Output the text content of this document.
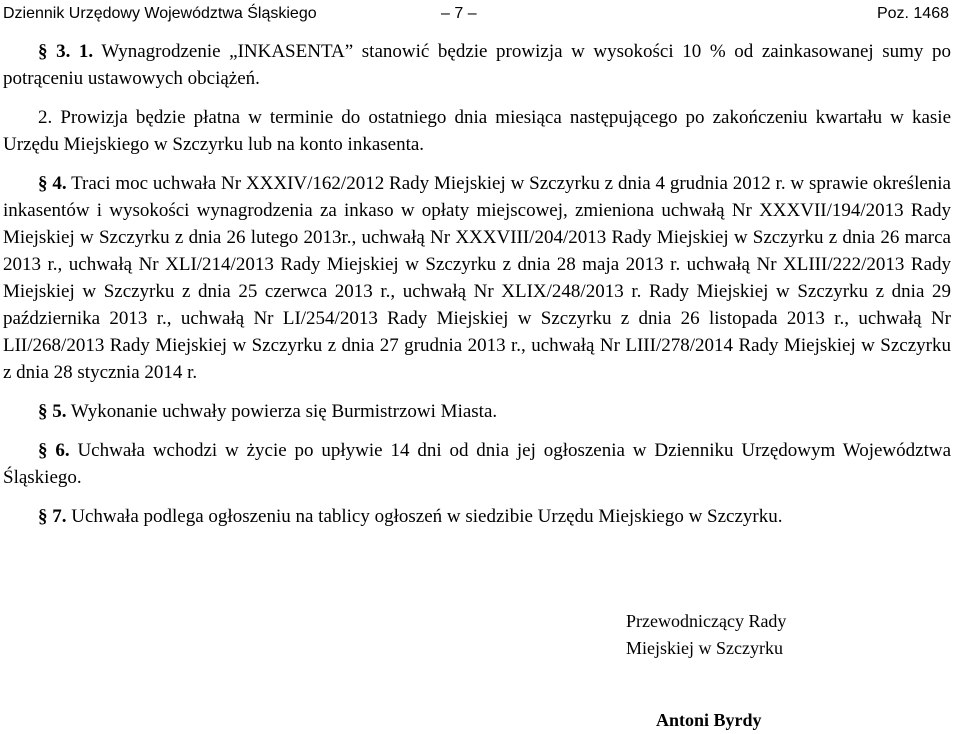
Dziennik Urzędowy Województwa Śląskiego	– 7 –	Poz. 1468

§ 3. 1. Wynagrodzenie „INKASENTA” stanowić będzie prowizja w wysokości 10 % od zainkasowanej sumy po potrąceniu ustawowych obciążeń.

2. Prowizja będzie płatna w terminie do ostatniego dnia miesiąca następującego po zakończeniu kwartału w kasie Urzędu Miejskiego w Szczyrku lub na konto inkasenta.

§ 4. Traci moc uchwała Nr XXXIV/162/2012 Rady Miejskiej w Szczyrku z dnia 4 grudnia 2012 r. w sprawie określenia inkasentów i wysokości wynagrodzenia za inkaso w opłaty miejscowej, zmieniona uchwałą Nr XXXVII/194/2013 Rady Miejskiej w Szczyrku z dnia 26 lutego 2013r., uchwałą Nr XXXVIII/204/2013 Rady Miejskiej w Szczyrku z dnia 26 marca 2013 r., uchwałą Nr XLI/214/2013 Rady Miejskiej w Szczyrku z dnia 28 maja 2013 r. uchwałą Nr XLIII/222/2013 Rady Miejskiej w Szczyrku z dnia 25 czerwca 2013 r., uchwałą Nr XLIX/248/2013 r. Rady Miejskiej w Szczyrku z dnia 29 października 2013 r., uchwałą Nr LI/254/2013 Rady Miejskiej w Szczyrku z dnia 26 listopada 2013 r., uchwałą Nr LII/268/2013 Rady Miejskiej w Szczyrku z dnia 27 grudnia 2013 r., uchwałą Nr LIII/278/2014 Rady Miejskiej w Szczyrku z dnia 28 stycznia 2014 r.

§ 5. Wykonanie uchwały powierza się Burmistrzowi Miasta.

§ 6. Uchwała wchodzi w życie po upływie 14 dni od dnia jej ogłoszenia w Dzienniku Urzędowym Województwa Śląskiego.

§ 7. Uchwała podlega ogłoszeniu na tablicy ogłoszeń w siedzibie Urzędu Miejskiego w Szczyrku.

Przewodniczący Rady
Miejskiej w Szczyrku
Antoni Byrdy
